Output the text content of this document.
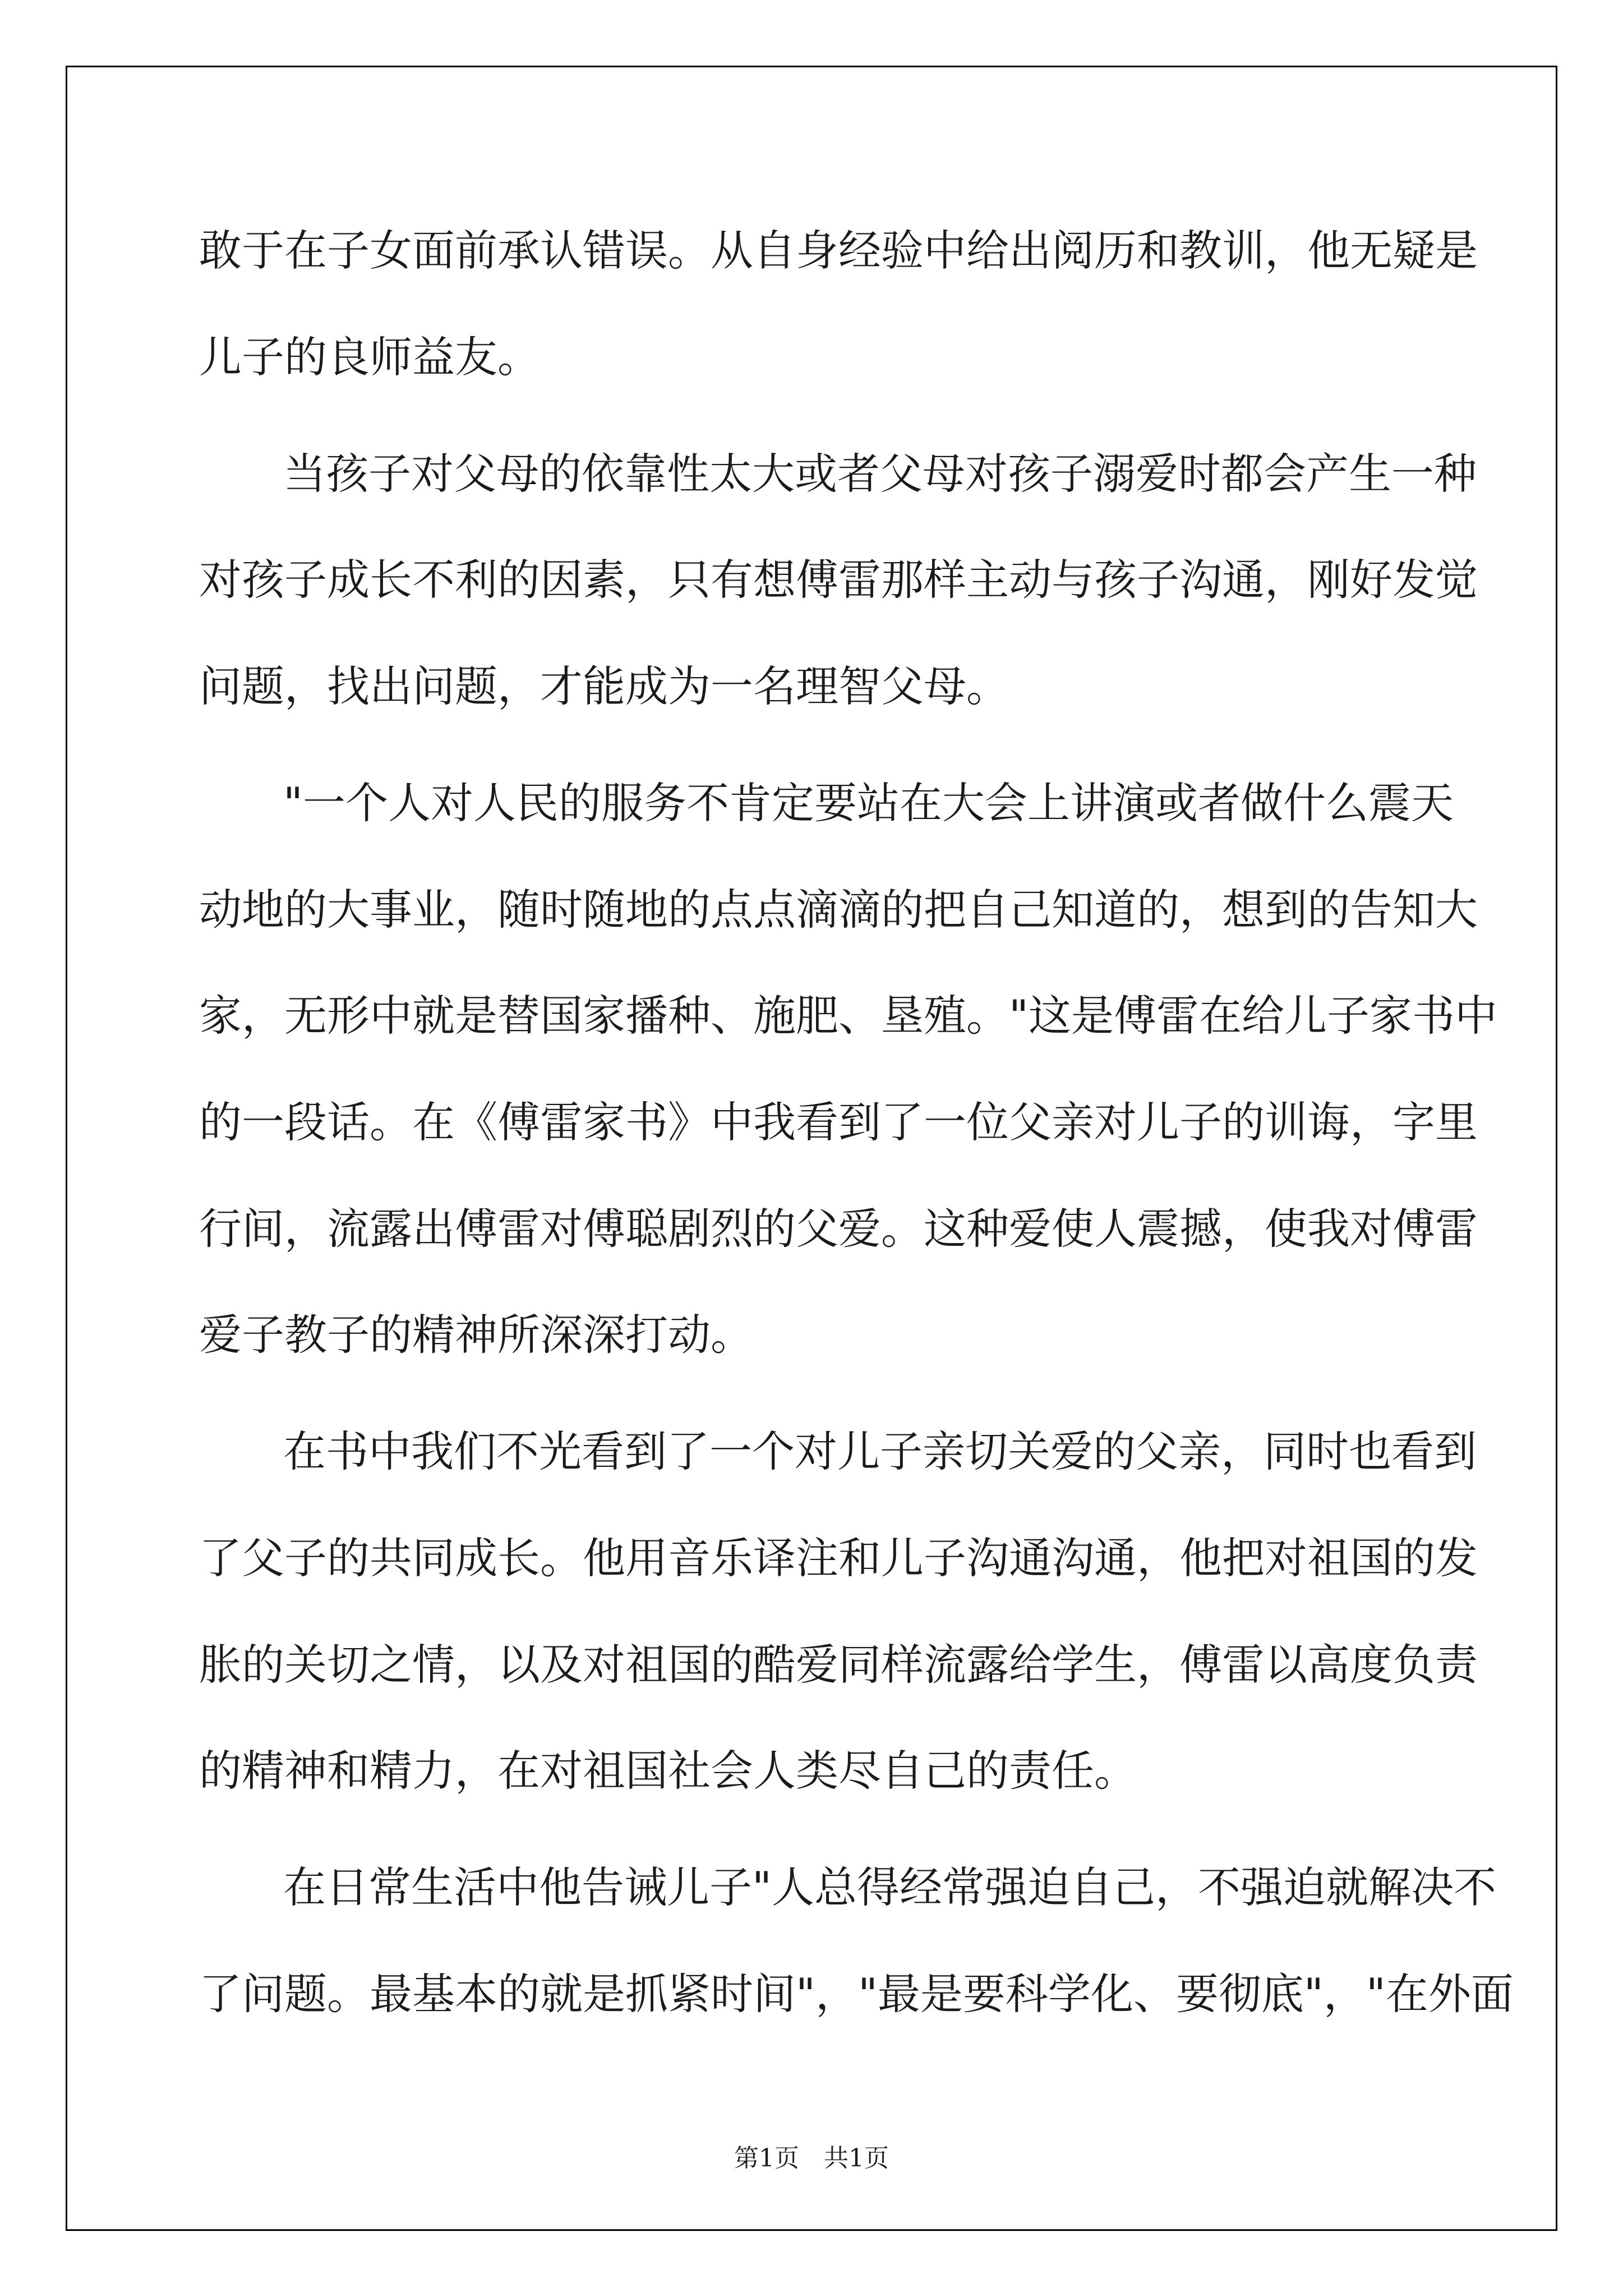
敢于在子女面前承认错误。从自身经验中给出阅历和教训，他无疑是
儿子的良师益友。
当孩子对父母的依靠性太大或者父母对孩子溺爱时都会产生一种
对孩子成长不利的因素，只有想傅雷那样主动与孩子沟通，刚好发觉
问题，找出问题，才能成为一名理智父母。
"一个人对人民的服务不肯定要站在大会上讲演或者做什么震天
动地的大事业，随时随地的点点滴滴的把自己知道的，想到的告知大
家，无形中就是替国家播种、施肥、垦殖。"这是傅雷在给儿子家书中
的一段话。在《傅雷家书》中我看到了一位父亲对儿子的训诲，字里
行间，流露出傅雷对傅聪剧烈的父爱。这种爱使人震撼，使我对傅雷
爱子教子的精神所深深打动。
在书中我们不光看到了一个对儿子亲切关爱的父亲，同时也看到
了父子的共同成长。他用音乐译注和儿子沟通沟通，他把对祖国的发
胀的关切之情，以及对祖国的酷爱同样流露给学生，傅雷以高度负责
的精神和精力，在对祖国社会人类尽自己的责任。
在日常生活中他告诫儿子"人总得经常强迫自己，不强迫就解决不
了问题。最基本的就是抓紧时间"，"最是要科学化、要彻底"，"在外面
第1页　共1页
